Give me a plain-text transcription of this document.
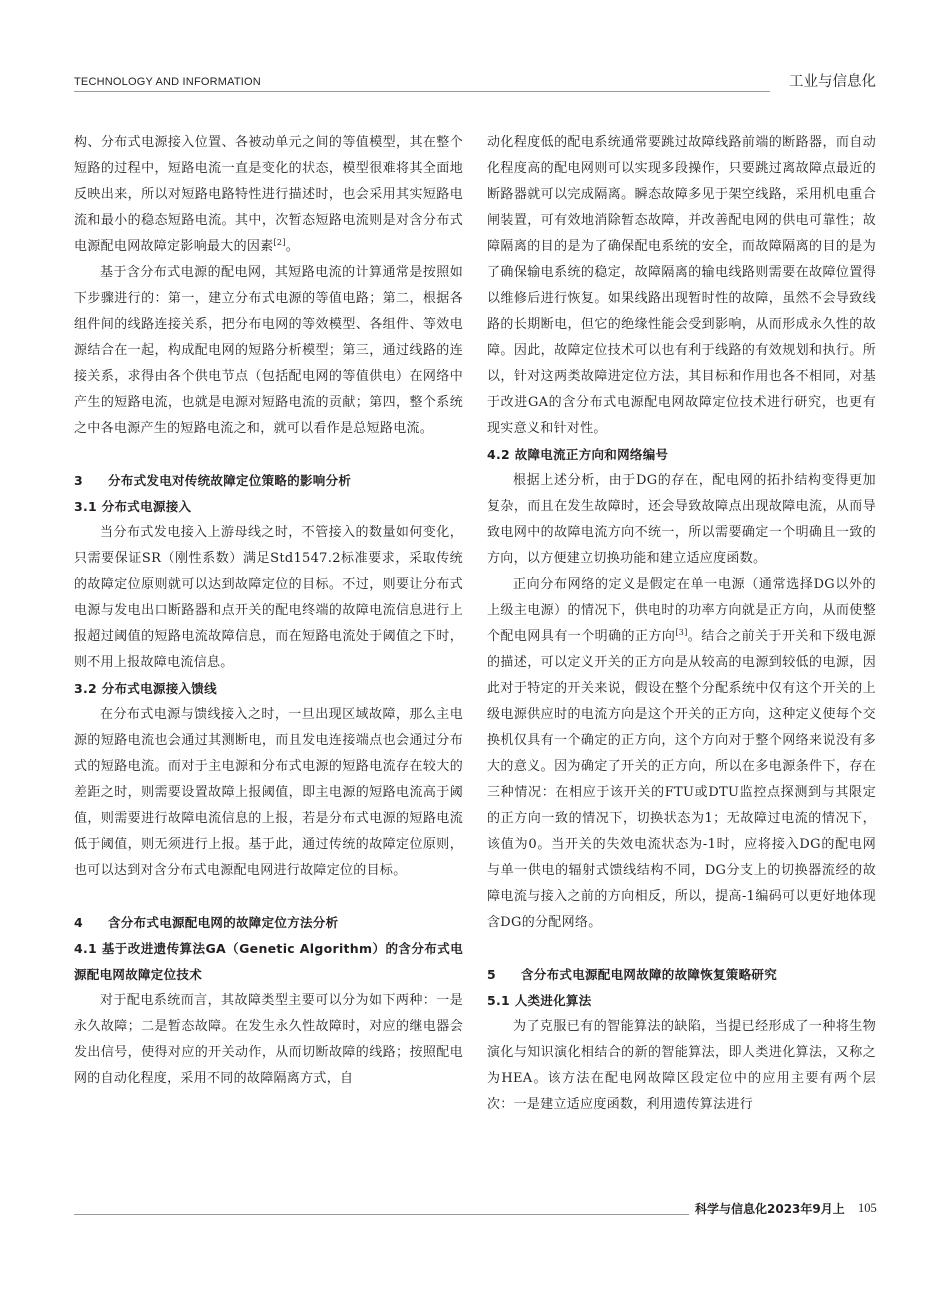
TECHNOLOGY AND INFORMATION	工业与信息化

构、分布式电源接入位置、各被动单元之间的等值模型，其在整个短路的过程中，短路电流一直是变化的状态，模型很难将其全面地反映出来，所以对短路电路特性进行描述时，也会采用其实短路电流和最小的稳态短路电流。其中，次暂态短路电流则是对含分布式电源配电网故障定影响最大的因素[2]。

基于含分布式电源的配电网，其短路电流的计算通常是按照如下步骤进行的：第一，建立分布式电源的等值电路；第二，根据各组件间的线路连接关系，把分布电网的等效模型、各组件、等效电源结合在一起，构成配电网的短路分析模型；第三，通过线路的连接关系，求得由各个供电节点（包括配电网的等值供电）在网络中产生的短路电流，也就是电源对短路电流的贡献；第四，整个系统之中各电源产生的短路电流之和，就可以看作是总短路电流。

3 分布式发电对传统故障定位策略的影响分析

3.1 分布式电源接入

当分布式发电接入上游母线之时，不管接入的数量如何变化，只需要保证SR（刚性系数）满足Std1547.2标准要求，采取传统的故障定位原则就可以达到故障定位的目标。不过，则要让分布式电源与发电出口断路器和点开关的配电终端的故障电流信息进行上报超过阈值的短路电流故障信息，而在短路电流处于阈值之下时，则不用上报故障电流信息。

3.2 分布式电源接入馈线

在分布式电源与馈线接入之时，一旦出现区域故障，那么主电源的短路电流也会通过其测断电，而且发电连接端点也会通过分布式的短路电流。而对于主电源和分布式电源的短路电流存在较大的差距之时，则需要设置故障上报阈值，即主电源的短路电流高于阈值，则需要进行故障电流信息的上报，若是分布式电源的短路电流低于阈值，则无须进行上报。基于此，通过传统的故障定位原则，也可以达到对含分布式电源配电网进行故障定位的目标。

4 含分布式电源配电网的故障定位方法分析

4.1 基于改进遗传算法GA（Genetic Algorithm）的含分布式电源配电网故障定位技术

对于配电系统而言，其故障类型主要可以分为如下两种：一是永久故障；二是暂态故障。在发生永久性故障时，对应的继电器会发出信号，使得对应的开关动作，从而切断故障的线路；按照配电网的自动化程度，采用不同的故障隔离方式，自

动化程度低的配电系统通常要跳过故障线路前端的断路器，而自动化程度高的配电网则可以实现多段操作，只要跳过离故障点最近的断路器就可以完成隔离。瞬态故障多见于架空线路，采用机电重合闸装置，可有效地消除暂态故障，并改善配电网的供电可靠性；故障隔离的目的是为了确保配电系统的安全，而故障隔离的目的是为了确保输电系统的稳定，故障隔离的输电线路则需要在故障位置得以维修后进行恢复。如果线路出现暂时性的故障，虽然不会导致线路的长期断电，但它的绝缘性能会受到影响，从而形成永久性的故障。因此，故障定位技术可以也有利于线路的有效规划和执行。所以，针对这两类故障进定位方法，其目标和作用也各不相同，对基于改进GA的含分布式电源配电网故障定位技术进行研究，也更有现实意义和针对性。

4.2 故障电流正方向和网络编号

根据上述分析，由于DG的存在，配电网的拓扑结构变得更加复杂，而且在发生故障时，还会导致故障点出现故障电流，从而导致电网中的故障电流方向不统一，所以需要确定一个明确且一致的方向，以方便建立切换功能和建立适应度函数。

正向分布网络的定义是假定在单一电源（通常选择DG以外的上级主电源）的情况下，供电时的功率方向就是正方向，从而使整个配电网具有一个明确的正方向[3]。结合之前关于开关和下级电源的描述，可以定义开关的正方向是从较高的电源到较低的电源，因此对于特定的开关来说，假设在整个分配系统中仅有这个开关的上级电源供应时的电流方向是这个开关的正方向，这种定义使每个交换机仅具有一个确定的正方向，这个方向对于整个网络来说没有多大的意义。因为确定了开关的正方向，所以在多电源条件下，存在三种情况：在相应于该开关的FTU或DTU监控点探测到与其限定的正方向一致的情况下，切换状态为1；无故障过电流的情况下，该值为0。当开关的失效电流状态为-1时，应将接入DG的配电网与单一供电的辐射式馈线结构不同，DG分支上的切换器流经的故障电流与接入之前的方向相反，所以，提高-1编码可以更好地体现含DG的分配网络。

5 含分布式电源配电网故障的故障恢复策略研究

5.1 人类进化算法

为了克服已有的智能算法的缺陷，当提已经形成了一种将生物演化与知识演化相结合的新的智能算法，即人类进化算法，又称之为HEA。该方法在配电网故障区段定位中的应用主要有两个层次：一是建立适应度函数，利用遗传算法进行

科学与信息化2023年9月上 105
